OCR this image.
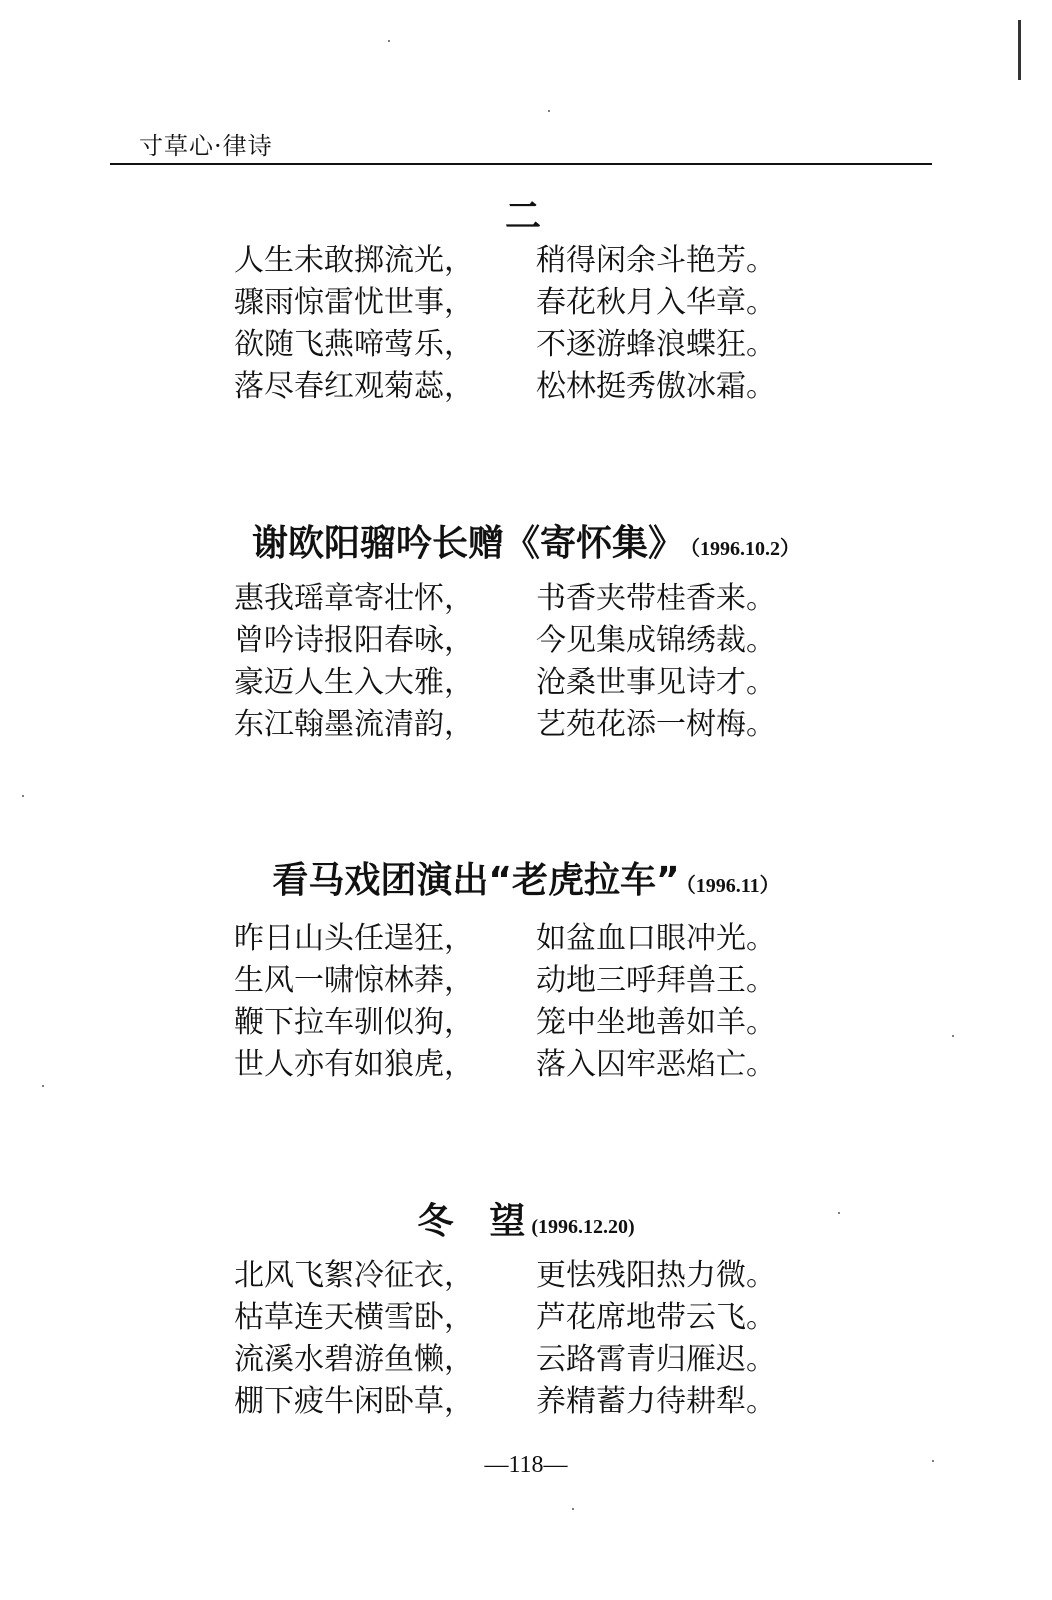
寸草心·律诗
二
人生未敢掷流光， 稍得闲余斗艳芳。
骤雨惊雷忧世事， 春花秋月入华章。
欲随飞燕啼莺乐， 不逐游蜂浪蝶狂。
落尽春红观菊蕊， 松林挺秀傲冰霜。
谢欧阳骝吟长赠《寄怀集》 （1996.10.2）
惠我瑶章寄壮怀， 书香夹带桂香来。
曾吟诗报阳春咏， 今见集成锦绣裁。
豪迈人生入大雅， 沧桑世事见诗才。
东江翰墨流清韵， 艺苑花添一树梅。
看马戏团演出“老虎拉车” （1996.11）
昨日山头任逞狂， 如盆血口眼冲光。
生风一啸惊林莽， 动地三呼拜兽王。
鞭下拉车驯似狗， 笼中坐地善如羊。
世人亦有如狼虎， 落入囚牢恶焰亡。
冬　望 (1996.12.20)
北风飞絮冷征衣， 更怯残阳热力微。
枯草连天横雪卧， 芦花席地带云飞。
流溪水碧游鱼懒， 云路霄青归雁迟。
棚下疲牛闲卧草， 养精蓄力待耕犁。
—118—
